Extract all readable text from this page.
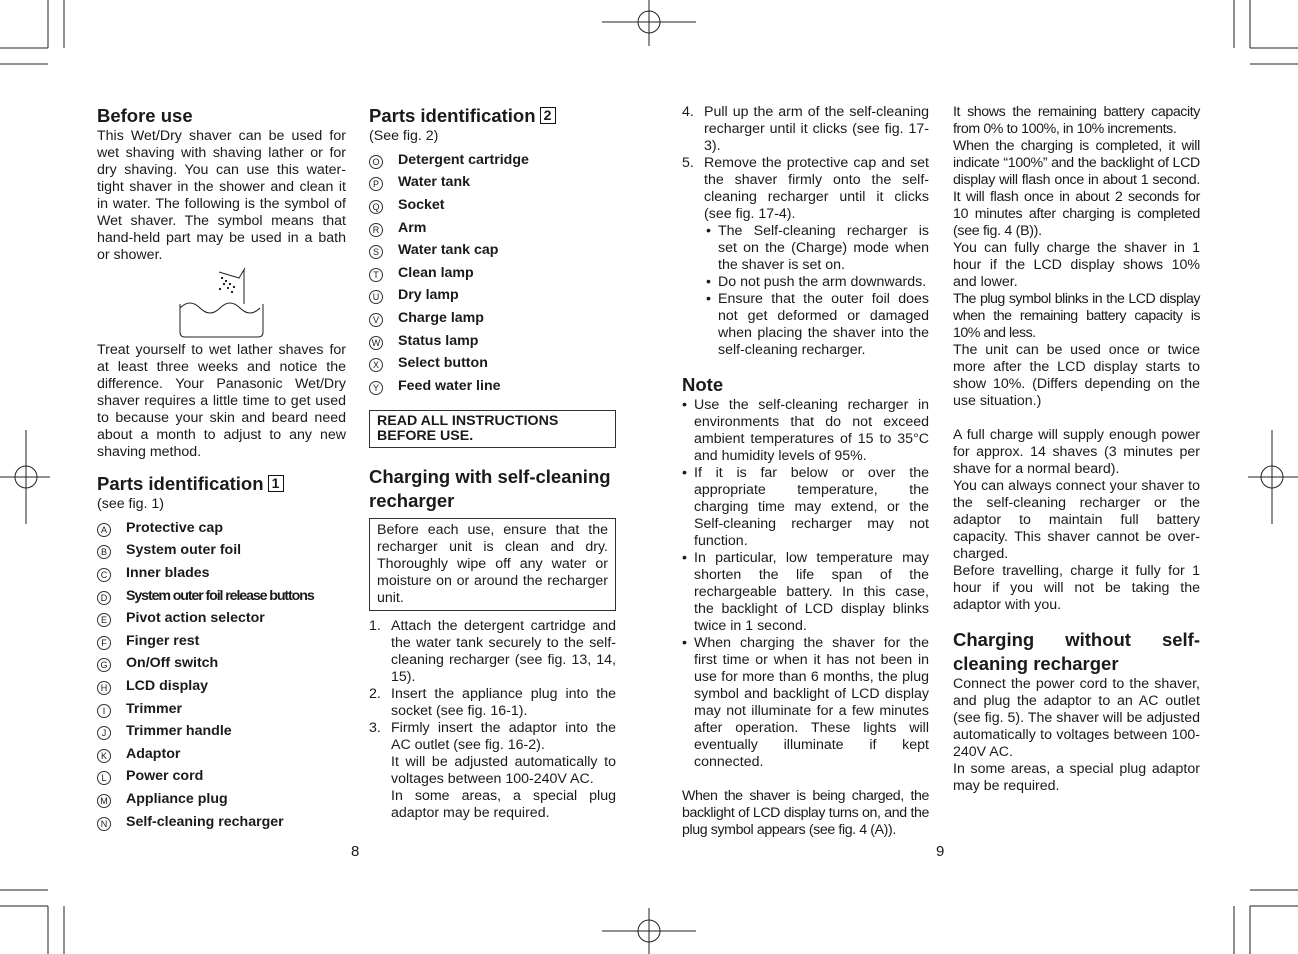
Before use

This Wet/Dry shaver can be used for wet shaving with shaving lather or for dry shaving. You can use this water-tight shaver in the shower and clean it in water. The following is the symbol of Wet shaver. The symbol means that hand-held part may be used in a bath or shower.

Treat yourself to wet lather shaves for at least three weeks and notice the difference. Your Panasonic Wet/Dry shaver requires a little time to get used to because your skin and beard need about a month to adjust to any new shaving method.

Parts identification 1

(see fig. 1)

A	Protective cap
B	System outer foil
C	Inner blades
D	System outer foil release buttons
E	Pivot action selector
F	Finger rest
G	On/Off switch
H	LCD display
I	Trimmer
J	Trimmer handle
K	Adaptor
L	Power cord
M	Appliance plug
N	Self-cleaning recharger
Parts identification 2

(See fig. 2)

O	Detergent cartridge
P	Water tank
Q	Socket
R	Arm
S	Water tank cap
T	Clean lamp
U	Dry lamp
V	Charge lamp
W	Status lamp
X	Select button
Y	Feed water line
READ ALL INSTRUCTIONS BEFORE USE.
Charging with self-cleaning recharger
Before each use, ensure that the recharger unit is clean and dry. Thoroughly wipe off any water or moisture on or around the recharger unit.
1. Attach the detergent cartridge and the water tank securely to the self-cleaning recharger (see fig. 13, 14, 15).
2. Insert the appliance plug into the socket (see fig. 16-1).
3. Firmly insert the adaptor into the AC outlet (see fig. 16-2).
It will be adjusted automatically to voltages between 100-240V AC.
In some areas, a special plug adaptor may be required.
8
4. Pull up the arm of the self-cleaning recharger until it clicks (see fig. 17-3).
5. Remove the protective cap and set the shaver firmly onto the self-cleaning recharger until it clicks (see fig. 17-4).
• The Self-cleaning recharger is set on the (Charge) mode when the shaver is set on.
• Do not push the arm downwards.
• Ensure that the outer foil does not get deformed or damaged when placing the shaver into the self-cleaning recharger.
Note
• Use the self-cleaning recharger in environments that do not exceed ambient temperatures of 15 to 35°C and humidity levels of 95%.
• If it is far below or over the appropriate temperature, the charging time may extend, or the Self-cleaning recharger may not function.
• In particular, low temperature may shorten the life span of the rechargeable battery. In this case, the backlight of LCD display blinks twice in 1 second.
• When charging the shaver for the first time or when it has not been in use for more than 6 months, the plug symbol and backlight of LCD display may not illuminate for a few minutes after operation. These lights will eventually illuminate if kept connected.

When the shaver is being charged, the backlight of LCD display turns on, and the plug symbol appears (see fig. 4 (A)).

9

It shows the remaining battery capacity from 0% to 100%, in 10% increments.

When the charging is completed, it will indicate “100%” and the backlight of LCD display will flash once in about 1 second. It will flash once in about 2 seconds for 10 minutes after charging is completed (see fig. 4 (B)).

You can fully charge the shaver in 1 hour if the LCD display shows 10% and lower.

The plug symbol blinks in the LCD display when the remaining battery capacity is 10% and less.

The unit can be used once or twice more after the LCD display starts to show 10%. (Differs depending on the use situation.)

A full charge will supply enough power for approx. 14 shaves (3 minutes per shave for a normal beard).

You can always connect your shaver to the self-cleaning recharger or the adaptor to maintain full battery capacity. This shaver cannot be over-charged.

Before travelling, charge it fully for 1 hour if you will not be taking the adaptor with you.

Charging without self-cleaning recharger

Connect the power cord to the shaver, and plug the adaptor to an AC outlet (see fig. 5). The shaver will be adjusted automatically to voltages between 100-240V AC.

In some areas, a special plug adaptor may be required.
